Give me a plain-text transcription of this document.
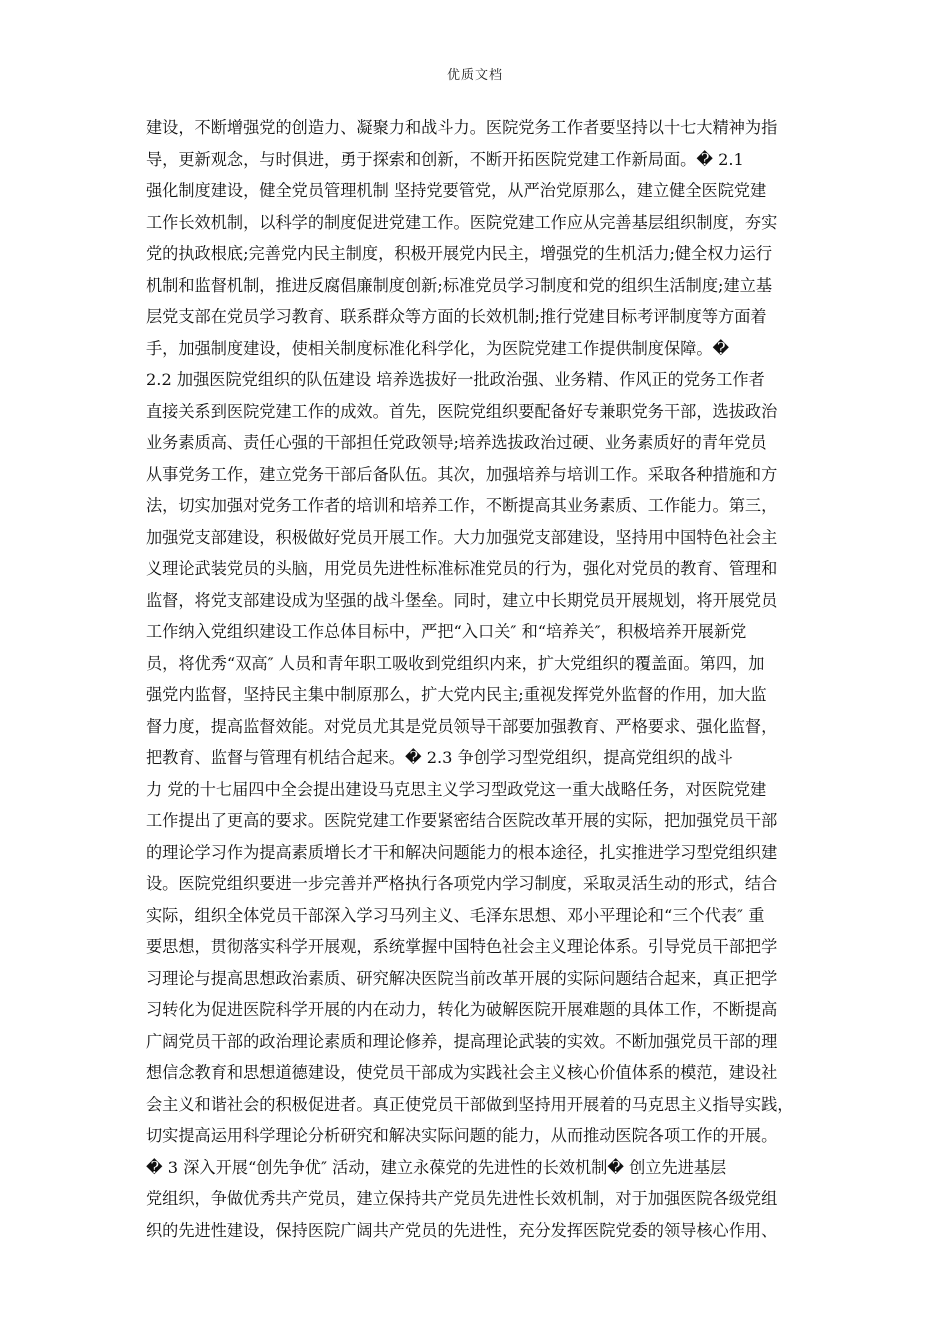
优质文档
建设，不断增强党的创造力、凝聚力和战斗力。医院党务工作者要坚持以十七大精神为指
导，更新观念，与时俱进，勇于探索和创新，不断开拓医院党建工作新局面。� 2.1
强化制度建设，健全党员管理机制 坚持党要管党，从严治党原那么，建立健全医院党建
工作长效机制，以科学的制度促进党建工作。医院党建工作应从完善基层组织制度，夯实
党的执政根底;完善党内民主制度，积极开展党内民主，增强党的生机活力;健全权力运行
机制和监督机制，推进反腐倡廉制度创新;标准党员学习制度和党的组织生活制度;建立基
层党支部在党员学习教育、联系群众等方面的长效机制;推行党建目标考评制度等方面着
手，加强制度建设，使相关制度标准化科学化，为医院党建工作提供制度保障。�
2.2 加强医院党组织的队伍建设 培养选拔好一批政治强、业务精、作风正的党务工作者
直接关系到医院党建工作的成效。首先，医院党组织要配备好专兼职党务干部，选拔政治
业务素质高、责任心强的干部担任党政领导;培养选拔政治过硬、业务素质好的青年党员
从事党务工作，建立党务干部后备队伍。其次，加强培养与培训工作。采取各种措施和方
法，切实加强对党务工作者的培训和培养工作，不断提高其业务素质、工作能力。第三，
加强党支部建设，积极做好党员开展工作。大力加强党支部建设，坚持用中国特色社会主
义理论武装党员的头脑，用党员先进性标准标准党员的行为，强化对党员的教育、管理和
监督，将党支部建设成为坚强的战斗堡垒。同时，建立中长期党员开展规划，将开展党员
工作纳入党组织建设工作总体目标中，严把“入口关″ 和“培养关″，积极培养开展新党
员，将优秀“双高″ 人员和青年职工吸收到党组织内来，扩大党组织的覆盖面。第四，加
强党内监督，坚持民主集中制原那么，扩大党内民主;重视发挥党外监督的作用，加大监
督力度，提高监督效能。对党员尤其是党员领导干部要加强教育、严格要求、强化监督，
把教育、监督与管理有机结合起来。� 2.3 争创学习型党组织，提高党组织的战斗
力 党的十七届四中全会提出建设马克思主义学习型政党这一重大战略任务，对医院党建
工作提出了更高的要求。医院党建工作要紧密结合医院改革开展的实际，把加强党员干部
的理论学习作为提高素质增长才干和解决问题能力的根本途径，扎实推进学习型党组织建
设。医院党组织要进一步完善并严格执行各项党内学习制度，采取灵活生动的形式，结合
实际，组织全体党员干部深入学习马列主义、毛泽东思想、邓小平理论和“三个代表″ 重
要思想，贯彻落实科学开展观，系统掌握中国特色社会主义理论体系。引导党员干部把学
习理论与提高思想政治素质、研究解决医院当前改革开展的实际问题结合起来，真正把学
习转化为促进医院科学开展的内在动力，转化为破解医院开展难题的具体工作，不断提高
广阔党员干部的政治理论素质和理论修养，提高理论武装的实效。不断加强党员干部的理
想信念教育和思想道德建设，使党员干部成为实践社会主义核心价值体系的模范，建设社
会主义和谐社会的积极促进者。真正使党员干部做到坚持用开展着的马克思主义指导实践，
切实提高运用科学理论分析研究和解决实际问题的能力，从而推动医院各项工作的开展。
� 3 深入开展“创先争优″ 活动，建立永葆党的先进性的长效机制� 创立先进基层
党组织，争做优秀共产党员，建立保持共产党员先进性长效机制，对于加强医院各级党组
织的先进性建设，保持医院广阔共产党员的先进性，充分发挥医院党委的领导核心作用、
